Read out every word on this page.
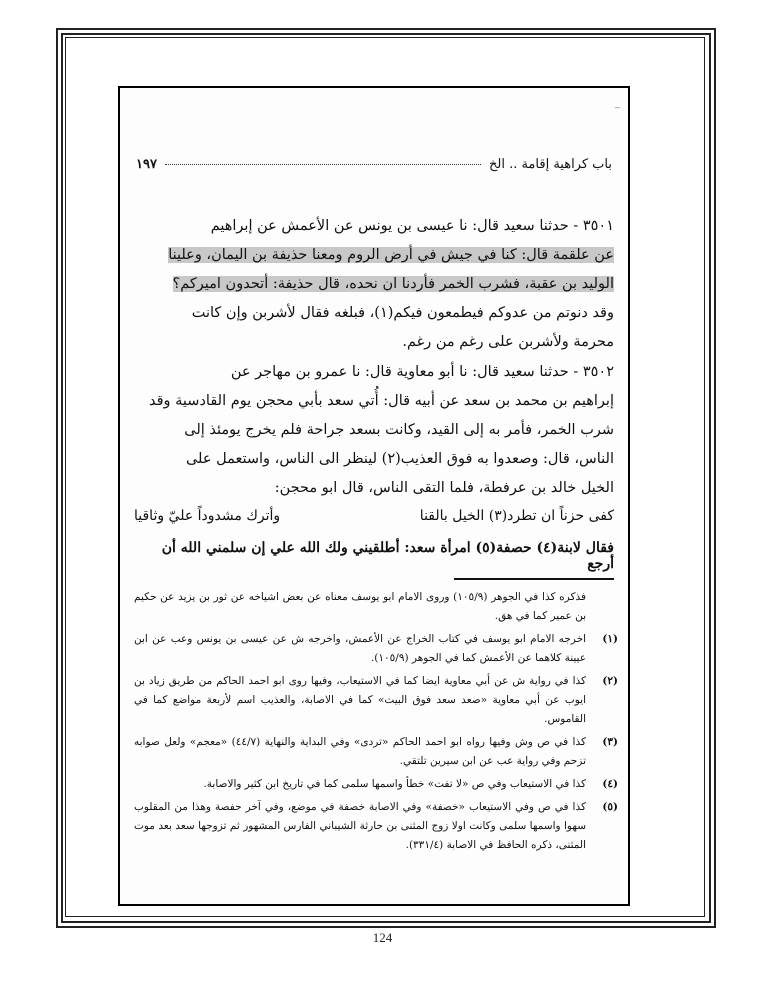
باب كراهية إقامة .. الخ
١٩٧
٣٥٠١ - حدثنا سعيد قال: نا عيسى بن يونس عن الأعمش عن إبراهيم
عن علقمة قال: كنا في جيش في أرض الروم ومعنا حذيفة بن اليمان، وعلينا
الوليد بن عقبة، فشرب الخمر فأردنا ان نحده، قال حذيفة: أتحدون اميركم؟
وقد دنوتم من عدوكم فيطمعون فيكم(١)، فبلغه فقال لأشربن وإن كانت
محرمة ولأشربن على رغم من رغم.
٣٥٠٢ - حدثنا سعيد قال: نا أبو معاوية قال: نا عمرو بن مهاجر عن
إبراهيم بن محمد بن سعد عن أبيه قال: أُتي سعد بأبي محجن يوم القادسية وقد
شرب الخمر، فأمر به إلى القيد، وكانت بسعد جراحة فلم يخرج يومئذ إلى
الناس، قال: وصعدوا به فوق العذيب(٢) لينظر الى الناس، واستعمل على
الخيل خالد بن عرفطة، فلما التقى الناس، قال ابو محجن:
كفى حزناً ان تطرد(٣) الخيل بالقنا
وأترك مشدوداً عليّ وثاقيا
فقال لابنة(٤) حصفة(٥) امرأة سعد: أطلقيني ولك الله علي إن سلمني الله أن أرجع
فذكره كذا في الجوهر (١٠٥/٩) وروى الامام ابو يوسف معناه عن بعض اشياخه عن ثور بن يزيد عن حكيم بن عمير كما في هق.
(١)
اخرجه الامام ابو يوسف في كتاب الخراج عن الأعمش، واخرجه ش عن عيسى بن يونس وعب عن ابن عيينة كلاهما عن الأعمش كما في الجوهر (١٠٥/٩).
(٢)
كذا في رواية ش عن أبي معاوية ايضا كما في الاستيعاب، وفيها روى ابو احمد الحاكم من طريق زياد بن ايوب عن أبي معاوية «صعد سعد فوق البيت» كما في الاصابة، والعذيب اسم لأربعة مواضع كما في القاموس.
(٣)
كذا في ص وش وفيها رواه ابو احمد الحاكم «تردى» وفي البداية والنهاية (٤٤/٧) «معجم» ولعل صوابه تزحم وفي رواية عب عن ابن سيرين تلتقي.
(٤)
كذا في الاستيعاب وفي ص «لا تفت» خطأ واسمها سلمى كما في تاريخ ابن كثير والاصابة.
(٥)
كذا في ص وفي الاستيعاب «خصفة» وفي الاصابة خصفة في موضع، وفي آخر حفصة وهذا من المقلوب سهوا واسمها سلمى وكانت اولا زوج المثنى بن حارثة الشيباني الفارس المشهور ثم تزوجها سعد بعد موت المثنى، ذكره الحافظ في الاصابة (٣٣١/٤).
_
124
